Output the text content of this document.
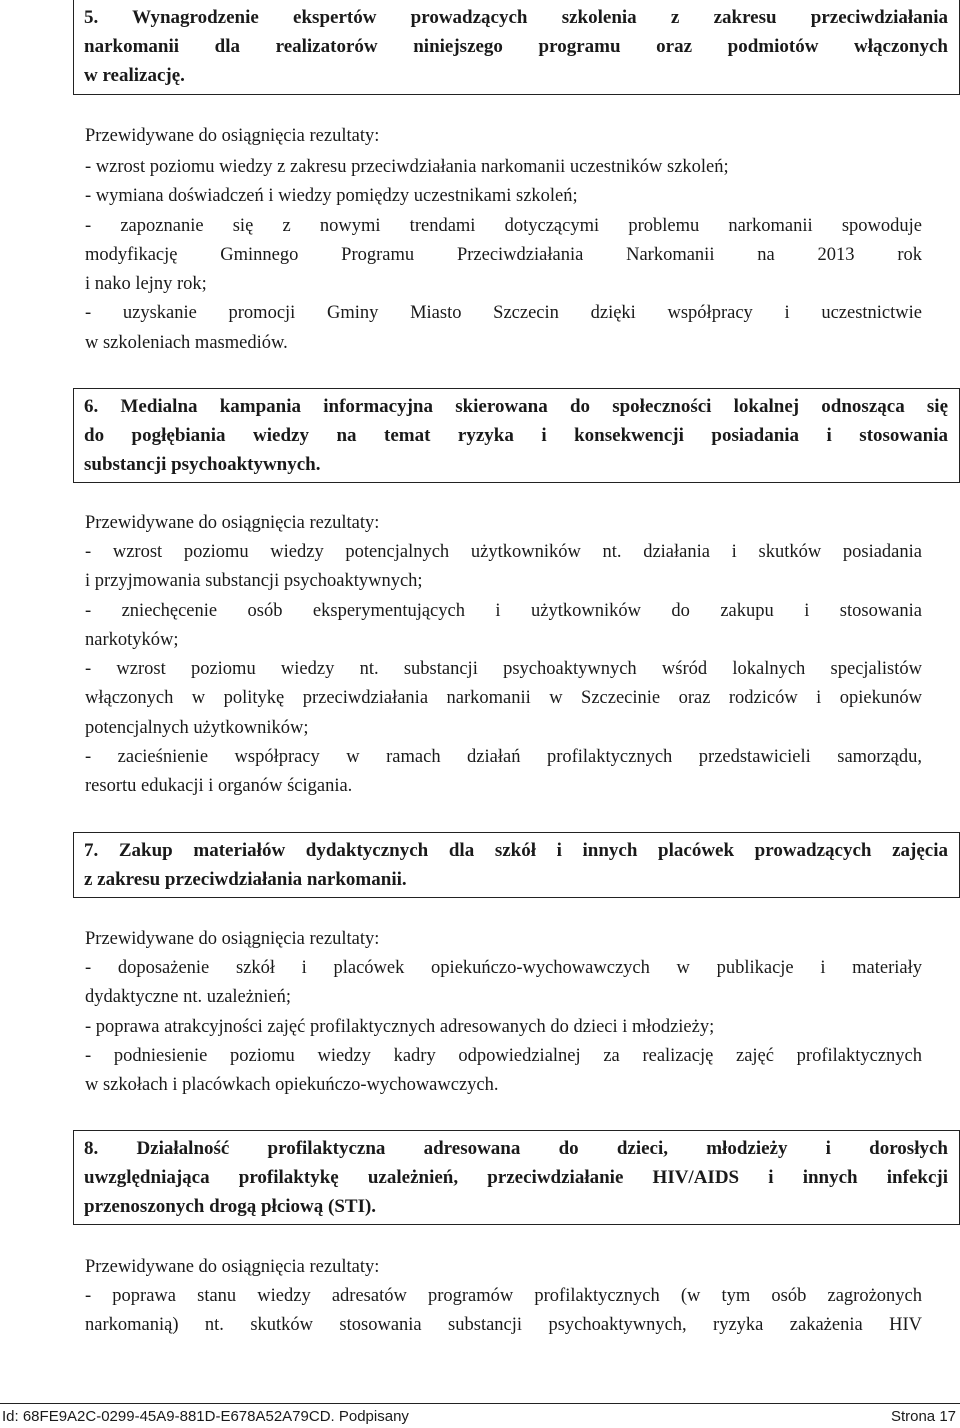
5. Wynagrodzenie ekspertów prowadzących szkolenia z zakresu przeciwdziałania
narkomanii dla realizatorów niniejszego programu oraz podmiotów włączonych
w realizację.
Przewidywane do osiągnięcia rezultaty:
- wzrost poziomu wiedzy z zakresu przeciwdziałania narkomanii uczestników szkoleń;
- wymiana doświadczeń i wiedzy pomiędzy uczestnikami szkoleń;
- zapoznanie się z nowymi trendami dotyczącymi problemu narkomanii spowoduje
modyfikację Gminnego Programu Przeciwdziałania Narkomanii na 2013 rok
i nako lejny rok;
- uzyskanie promocji Gminy Miasto Szczecin dzięki współpracy i uczestnictwie
w szkoleniach masmediów.
6. Medialna kampania informacyjna skierowana do społeczności lokalnej odnosząca się
do pogłębiania wiedzy na temat ryzyka i konsekwencji posiadania i stosowania
substancji psychoaktywnych.
Przewidywane do osiągnięcia rezultaty:
- wzrost poziomu wiedzy potencjalnych użytkowników nt. działania i skutków posiadania
i przyjmowania substancji psychoaktywnych;
- zniechęcenie osób eksperymentujących i użytkowników do zakupu i stosowania
narkotyków;
- wzrost poziomu wiedzy nt. substancji psychoaktywnych wśród lokalnych specjalistów
włączonych w politykę przeciwdziałania narkomanii w Szczecinie oraz rodziców i opiekunów
potencjalnych użytkowników;
- zacieśnienie współpracy w ramach działań profilaktycznych przedstawicieli samorządu,
resortu edukacji i organów ścigania.
7. Zakup materiałów dydaktycznych dla szkół i innych placówek prowadzących zajęcia
z zakresu przeciwdziałania narkomanii.
Przewidywane do osiągnięcia rezultaty:
- doposażenie szkół i placówek opiekuńczo-wychowawczych w publikacje i materiały
dydaktyczne nt. uzależnień;
- poprawa atrakcyjności zajęć profilaktycznych adresowanych do dzieci i młodzieży;
- podniesienie poziomu wiedzy kadry odpowiedzialnej za realizację zajęć profilaktycznych
w szkołach i placówkach opiekuńczo-wychowawczych.
8. Działalność profilaktyczna adresowana do dzieci, młodzieży i dorosłych
uwzględniająca profilaktykę uzależnień, przeciwdziałanie HIV/AIDS i innych infekcji
przenoszonych drogą płciową (STI).
Przewidywane do osiągnięcia rezultaty:
- poprawa stanu wiedzy adresatów programów profilaktycznych (w tym osób zagrożonych
narkomanią) nt. skutków stosowania substancji psychoaktywnych, ryzyka zakażenia HIV
Id: 68FE9A2C-0299-45A9-881D-E678A52A79CD. Podpisany	Strona 17
